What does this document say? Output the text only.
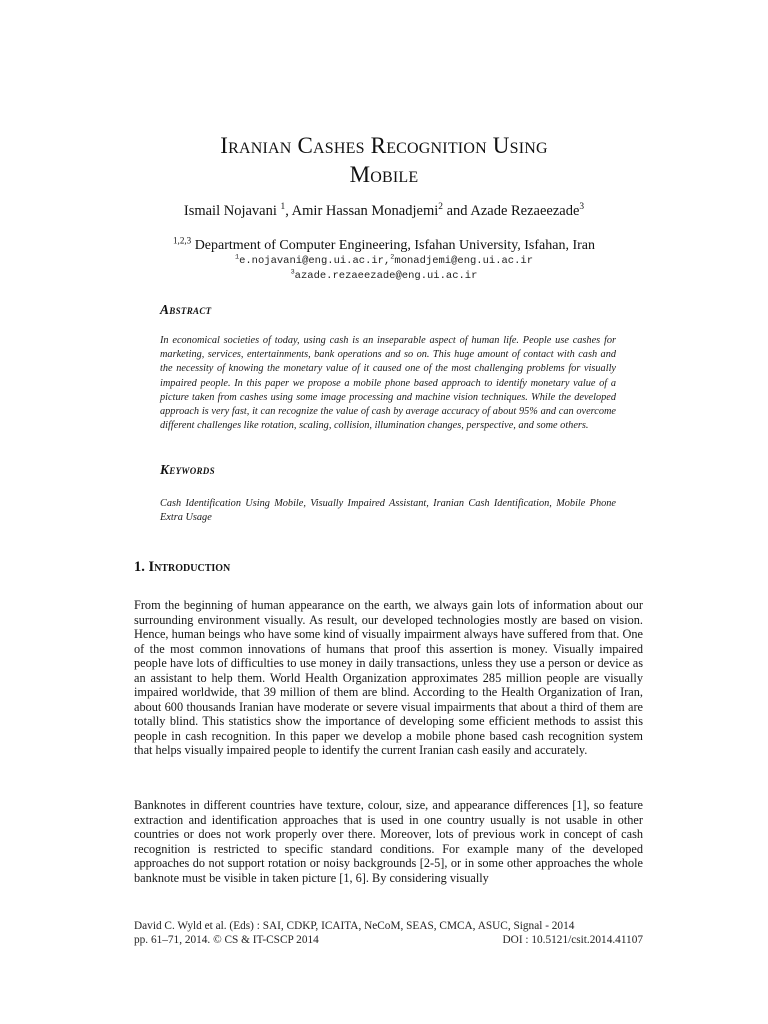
Iranian Cashes Recognition Using
Mobile
Ismail Nojavani $^1$, Amir Hassan Monadjemi$^2$ and Azade Rezaeezade$^3$
$^{1,2,3}$ Department of Computer Engineering, Isfahan University, Isfahan, Iran
$^1$e.nojavani@eng.ui.ac.ir,$^2$monadjemi@eng.ui.ac.ir
$^3$azade.rezaeezade@eng.ui.ac.ir
Abstract
In economical societies of today, using cash is an inseparable aspect of human life. People use cashes for marketing, services, entertainments, bank operations and so on. This huge amount of contact with cash and the necessity of knowing the monetary value of it caused one of the most challenging problems for visually impaired people. In this paper we propose a mobile phone based approach to identify monetary value of a picture taken from cashes using some image processing and machine vision techniques. While the developed approach is very fast, it can recognize the value of cash by average accuracy of about 95% and can overcome different challenges like rotation, scaling, collision, illumination changes, perspective, and some others.
Keywords
Cash Identification Using Mobile, Visually Impaired Assistant, Iranian Cash Identification, Mobile Phone Extra Usage
1. Introduction
From the beginning of human appearance on the earth, we always gain lots of information about our surrounding environment visually. As result, our developed technologies mostly are based on vision. Hence, human beings who have some kind of visually impairment always have suffered from that. One of the most common innovations of humans that proof this assertion is money. Visually impaired people have lots of difficulties to use money in daily transactions, unless they use a person or device as an assistant to help them. World Health Organization approximates 285 million people are visually impaired worldwide, that 39 million of them are blind. According to the Health Organization of Iran, about 600 thousands Iranian have moderate or severe visual impairments that about a third of them are totally blind. This statistics show the importance of developing some efficient methods to assist this people in cash recognition. In this paper we develop a mobile phone based cash recognition system that helps visually impaired people to identify the current Iranian cash easily and accurately.
Banknotes in different countries have texture, colour, size, and appearance differences [1], so feature extraction and identification approaches that is used in one country usually is not usable in other countries or does not work properly over there. Moreover, lots of previous work in concept of cash recognition is restricted to specific standard conditions. For example many of the developed approaches do not support rotation or noisy backgrounds [2-5], or in some other approaches the whole banknote must be visible in taken picture [1, 6]. By considering visually
David C. Wyld et al. (Eds) : SAI, CDKP, ICAITA, NeCoM, SEAS, CMCA, ASUC, Signal - 2014
pp. 61–71, 2014. © CS & IT-CSCP 2014	DOI : 10.5121/csit.2014.41107
